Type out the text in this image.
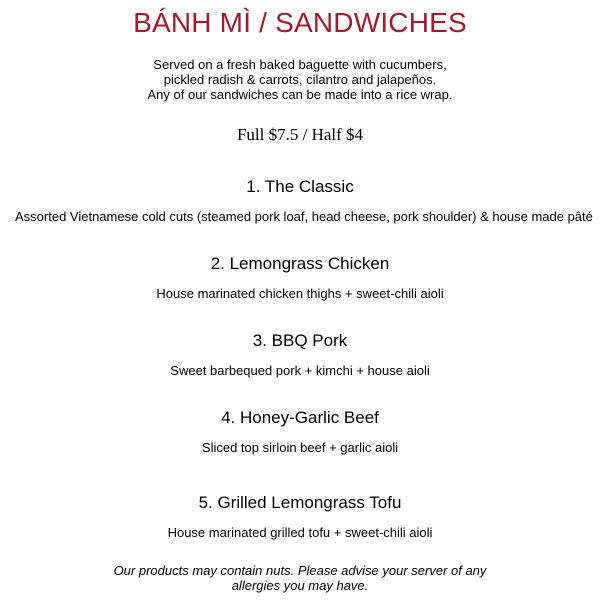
BÁNH MÌ / SANDWICHES
Served on a fresh baked baguette with cucumbers,
pickled radish & carrots, cilantro and jalapeños.
Any of our sandwiches can be made into a rice wrap.
Full $7.5 / Half $4
1. The Classic
Assorted Vietnamese cold cuts (steamed pork loaf, head cheese, pork shoulder) & house made pâté
2. Lemongrass Chicken
House marinated chicken thighs + sweet-chili aioli
3. BBQ Pork
Sweet barbequed pork + kimchi + house aioli
4. Honey-Garlic Beef
Sliced top sirloin beef + garlic aioli
5. Grilled Lemongrass Tofu
House marinated grilled tofu + sweet-chili aioli
Our products may contain nuts. Please advise your server of any
allergies you may have.
